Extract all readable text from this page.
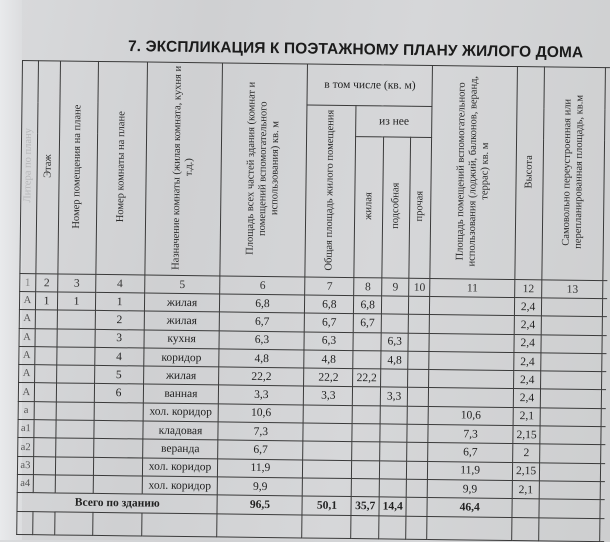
7. ЭКСПЛИКАЦИЯ К ПОЭТАЖНОМУ ПЛАНУ ЖИЛОГО ДОМА
Литера по плану	Этаж	Номер помещения на плане	Номер комнаты на плане	Назначение комнаты (жилая комната, кухня и т.д.)	Площадь всех частей здания (комнат и помещений вспомогательного использования) кв. м	в том числе (кв. м)				Площадь помещений вспомогательного использования (лоджий, балконов, веранд, террас) кв. м	Высота	Самовольно переустроенная или перепланированная площадь, кв.м	
						Общая площадь жилого помещения	из нее						
							жилая	подсобная	прочая				
1	2	3	4	5	6	7	8	9	10	11	12	13	
А	1	1	1	жилая	6,8	6,8	6,8				2,4		
А			2	жилая	6,7	6,7	6,7				2,4		
А			3	кухня	6,3	6,3		6,3			2,4		
А			4	коридор	4,8	4,8		4,8			2,4		
А			5	жилая	22,2	22,2	22,2				2,4		
А			6	ванная	3,3	3,3		3,3			2,4		
а				хол. коридор	10,6					10,6	2,1		
а1				кладовая	7,3					7,3	2,15		
а2				веранда	6,7					6,7	2		
а3				хол. коридор	11,9					11,9	2,15		
а4				хол. коридор	9,9					9,9	2,1		
Всего по зданию					96,5	50,1	35,7	14,4		46,4			
